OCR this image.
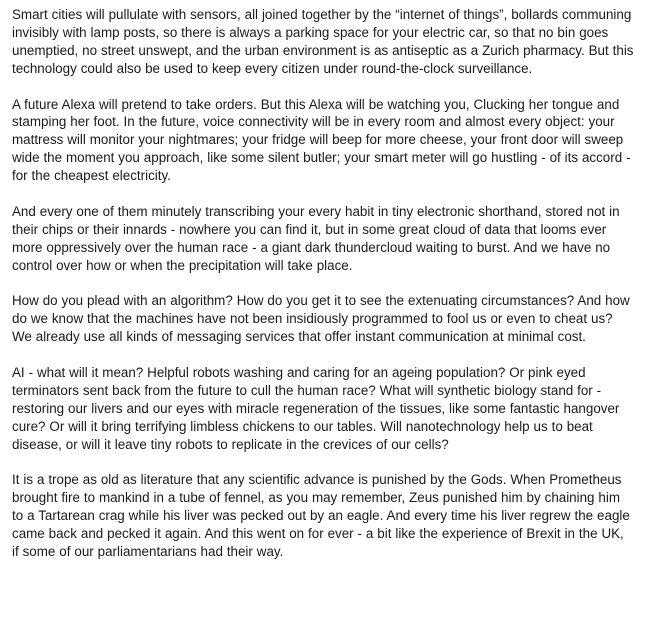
Smart cities will pullulate with sensors, all joined together by the “internet of things”, bollards communing invisibly with lamp posts, so there is always a parking space for your electric car, so that no bin goes unemptied, no street unswept, and the urban environment is as antiseptic as a Zurich pharmacy. But this technology could also be used to keep every citizen under round-the-clock surveillance.

A future Alexa will pretend to take orders. But this Alexa will be watching you, Clucking her tongue and stamping her foot. In the future, voice connectivity will be in every room and almost every object: your mattress will monitor your nightmares; your fridge will beep for more cheese, your front door will sweep wide the moment you approach, like some silent butler; your smart meter will go hustling - of its accord - for the cheapest electricity.

And every one of them minutely transcribing your every habit in tiny electronic shorthand, stored not in their chips or their innards - nowhere you can find it, but in some great cloud of data that looms ever more oppressively over the human race - a giant dark thundercloud waiting to burst. And we have no control over how or when the precipitation will take place.

How do you plead with an algorithm? How do you get it to see the extenuating circumstances? And how do we know that the machines have not been insidiously programmed to fool us or even to cheat us? We already use all kinds of messaging services that offer instant communication at minimal cost.

AI - what will it mean? Helpful robots washing and caring for an ageing population? Or pink eyed terminators sent back from the future to cull the human race? What will synthetic biology stand for - restoring our livers and our eyes with miracle regeneration of the tissues, like some fantastic hangover cure? Or will it bring terrifying limbless chickens to our tables. Will nanotechnology help us to beat disease, or will it leave tiny robots to replicate in the crevices of our cells?

It is a trope as old as literature that any scientific advance is punished by the Gods. When Prometheus brought fire to mankind in a tube of fennel, as you may remember, Zeus punished him by chaining him to a Tartarean crag while his liver was pecked out by an eagle. And every time his liver regrew the eagle came back and pecked it again. And this went on for ever - a bit like the experience of Brexit in the UK, if some of our parliamentarians had their way.
